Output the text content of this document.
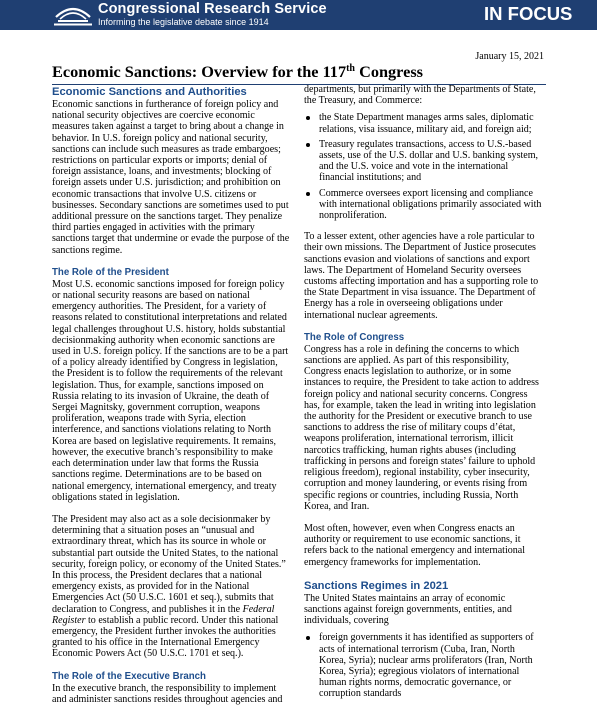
Congressional Research Service
Informing the legislative debate since 1914	IN FOCUS
January 15, 2021
Economic Sanctions: Overview for the 117th Congress
Economic Sanctions and Authorities

Economic sanctions in furtherance of foreign policy and national security objectives are coercive economic measures taken against a target to bring about a change in behavior. In U.S. foreign policy and national security, sanctions can include such measures as trade embargoes; restrictions on particular exports or imports; denial of foreign assistance, loans, and investments; blocking of foreign assets under U.S. jurisdiction; and prohibition on economic transactions that involve U.S. citizens or businesses. Secondary sanctions are sometimes used to put additional pressure on the sanctions target. They penalize third parties engaged in activities with the primary sanctions target that undermine or evade the purpose of the sanctions regime.

The Role of the President

Most U.S. economic sanctions imposed for foreign policy or national security reasons are based on national emergency authorities. The President, for a variety of reasons related to constitutional interpretations and related legal challenges throughout U.S. history, holds substantial decisionmaking authority when economic sanctions are used in U.S. foreign policy. If the sanctions are to be a part of a policy already identified by Congress in legislation, the President is to follow the requirements of the relevant legislation. Thus, for example, sanctions imposed on Russia relating to its invasion of Ukraine, the death of Sergei Magnitsky, government corruption, weapons proliferation, weapons trade with Syria, election interference, and sanctions violations relating to North Korea are based on legislative requirements. It remains, however, the executive branch’s responsibility to make each determination under law that forms the Russia sanctions regime. Determinations are to be based on national emergency, international emergency, and treaty obligations stated in legislation.

The President may also act as a sole decisionmaker by determining that a situation poses an “unusual and extraordinary threat, which has its source in whole or substantial part outside the United States, to the national security, foreign policy, or economy of the United States.” In this process, the President declares that a national emergency exists, as provided for in the National Emergencies Act (50 U.S.C. 1601 et seq.), submits that declaration to Congress, and publishes it in the Federal Register to establish a public record. Under this national emergency, the President further invokes the authorities granted to his office in the International Emergency Economic Powers Act (50 U.S.C. 1701 et seq.).

The Role of the Executive Branch

In the executive branch, the responsibility to implement and administer sanctions resides throughout agencies and

departments, but primarily with the Departments of State, the Treasury, and Commerce:

the State Department manages arms sales, diplomatic relations, visa issuance, military aid, and foreign aid;
Treasury regulates transactions, access to U.S.-based assets, use of the U.S. dollar and U.S. banking system, and the U.S. voice and vote in the international financial institutions; and
Commerce oversees export licensing and compliance with international obligations primarily associated with nonproliferation.

To a lesser extent, other agencies have a role particular to their own missions. The Department of Justice prosecutes sanctions evasion and violations of sanctions and export laws. The Department of Homeland Security oversees customs affecting importation and has a supporting role to the State Department in visa issuance. The Department of Energy has a role in overseeing obligations under international nuclear agreements.

The Role of Congress

Congress has a role in defining the concerns to which sanctions are applied. As part of this responsibility, Congress enacts legislation to authorize, or in some instances to require, the President to take action to address foreign policy and national security concerns. Congress has, for example, taken the lead in writing into legislation the authority for the President or executive branch to use sanctions to address the rise of military coups d’état, weapons proliferation, international terrorism, illicit narcotics trafficking, human rights abuses (including trafficking in persons and foreign states’ failure to uphold religious freedom), regional instability, cyber insecurity, corruption and money laundering, or events rising from specific regions or countries, including Russia, North Korea, and Iran.

Most often, however, even when Congress enacts an authority or requirement to use economic sanctions, it refers back to the national emergency and international emergency frameworks for implementation.

Sanctions Regimes in 2021

The United States maintains an array of economic sanctions against foreign governments, entities, and individuals, covering

foreign governments it has identified as supporters of acts of international terrorism (Cuba, Iran, North Korea, Syria); nuclear arms proliferators (Iran, North Korea, Syria); egregious violators of international human rights norms, democratic governance, or corruption standards
